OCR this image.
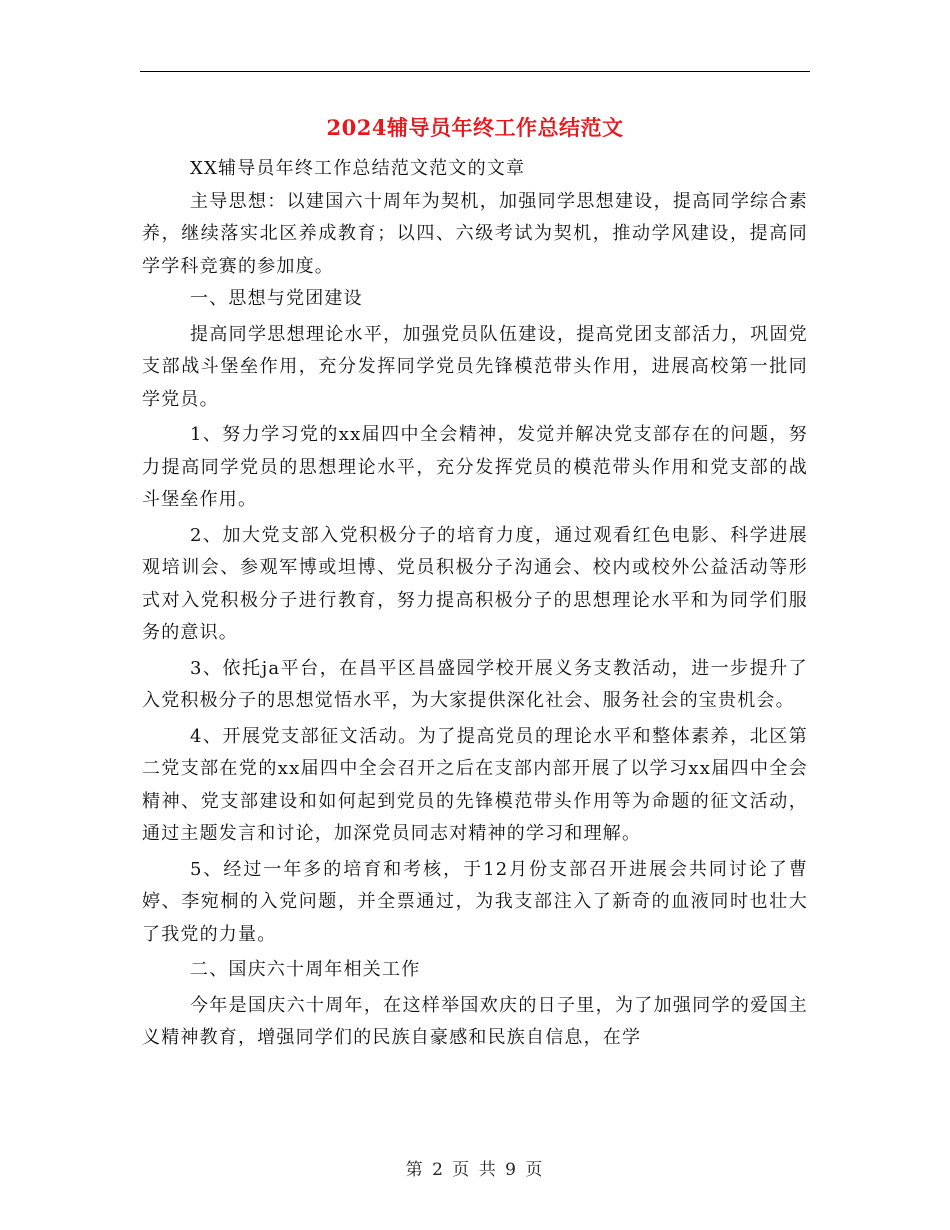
2024辅导员年终工作总结范文

XX辅导员年终工作总结范文范文的文章

主导思想：以建国六十周年为契机，加强同学思想建设，提高同学综合素养，继续落实北区养成教育；以四、六级考试为契机，推动学风建设，提高同学学科竞赛的参加度。

一、思想与党团建设

提高同学思想理论水平，加强党员队伍建设，提高党团支部活力，巩固党支部战斗堡垒作用，充分发挥同学党员先锋模范带头作用，进展高校第一批同学党员。

1、努力学习党的xx届四中全会精神，发觉并解决党支部存在的问题，努力提高同学党员的思想理论水平，充分发挥党员的模范带头作用和党支部的战斗堡垒作用。

2、加大党支部入党积极分子的培育力度，通过观看红色电影、科学进展观培训会、参观军博或坦博、党员积极分子沟通会、校内或校外公益活动等形式对入党积极分子进行教育，努力提高积极分子的思想理论水平和为同学们服务的意识。

3、依托ja平台，在昌平区昌盛园学校开展义务支教活动，进一步提升了入党积极分子的思想觉悟水平，为大家提供深化社会、服务社会的宝贵机会。

4、开展党支部征文活动。为了提高党员的理论水平和整体素养，北区第二党支部在党的xx届四中全会召开之后在支部内部开展了以学习xx届四中全会精神、党支部建设和如何起到党员的先锋模范带头作用等为命题的征文活动，通过主题发言和讨论，加深党员同志对精神的学习和理解。

5、经过一年多的培育和考核，于12月份支部召开进展会共同讨论了曹婷、李宛桐的入党问题，并全票通过，为我支部注入了新奇的血液同时也壮大了我党的力量。

二、国庆六十周年相关工作

今年是国庆六十周年，在这样举国欢庆的日子里，为了加强同学的爱国主义精神教育，增强同学们的民族自豪感和民族自信息，在学

第 2 页 共 9 页
